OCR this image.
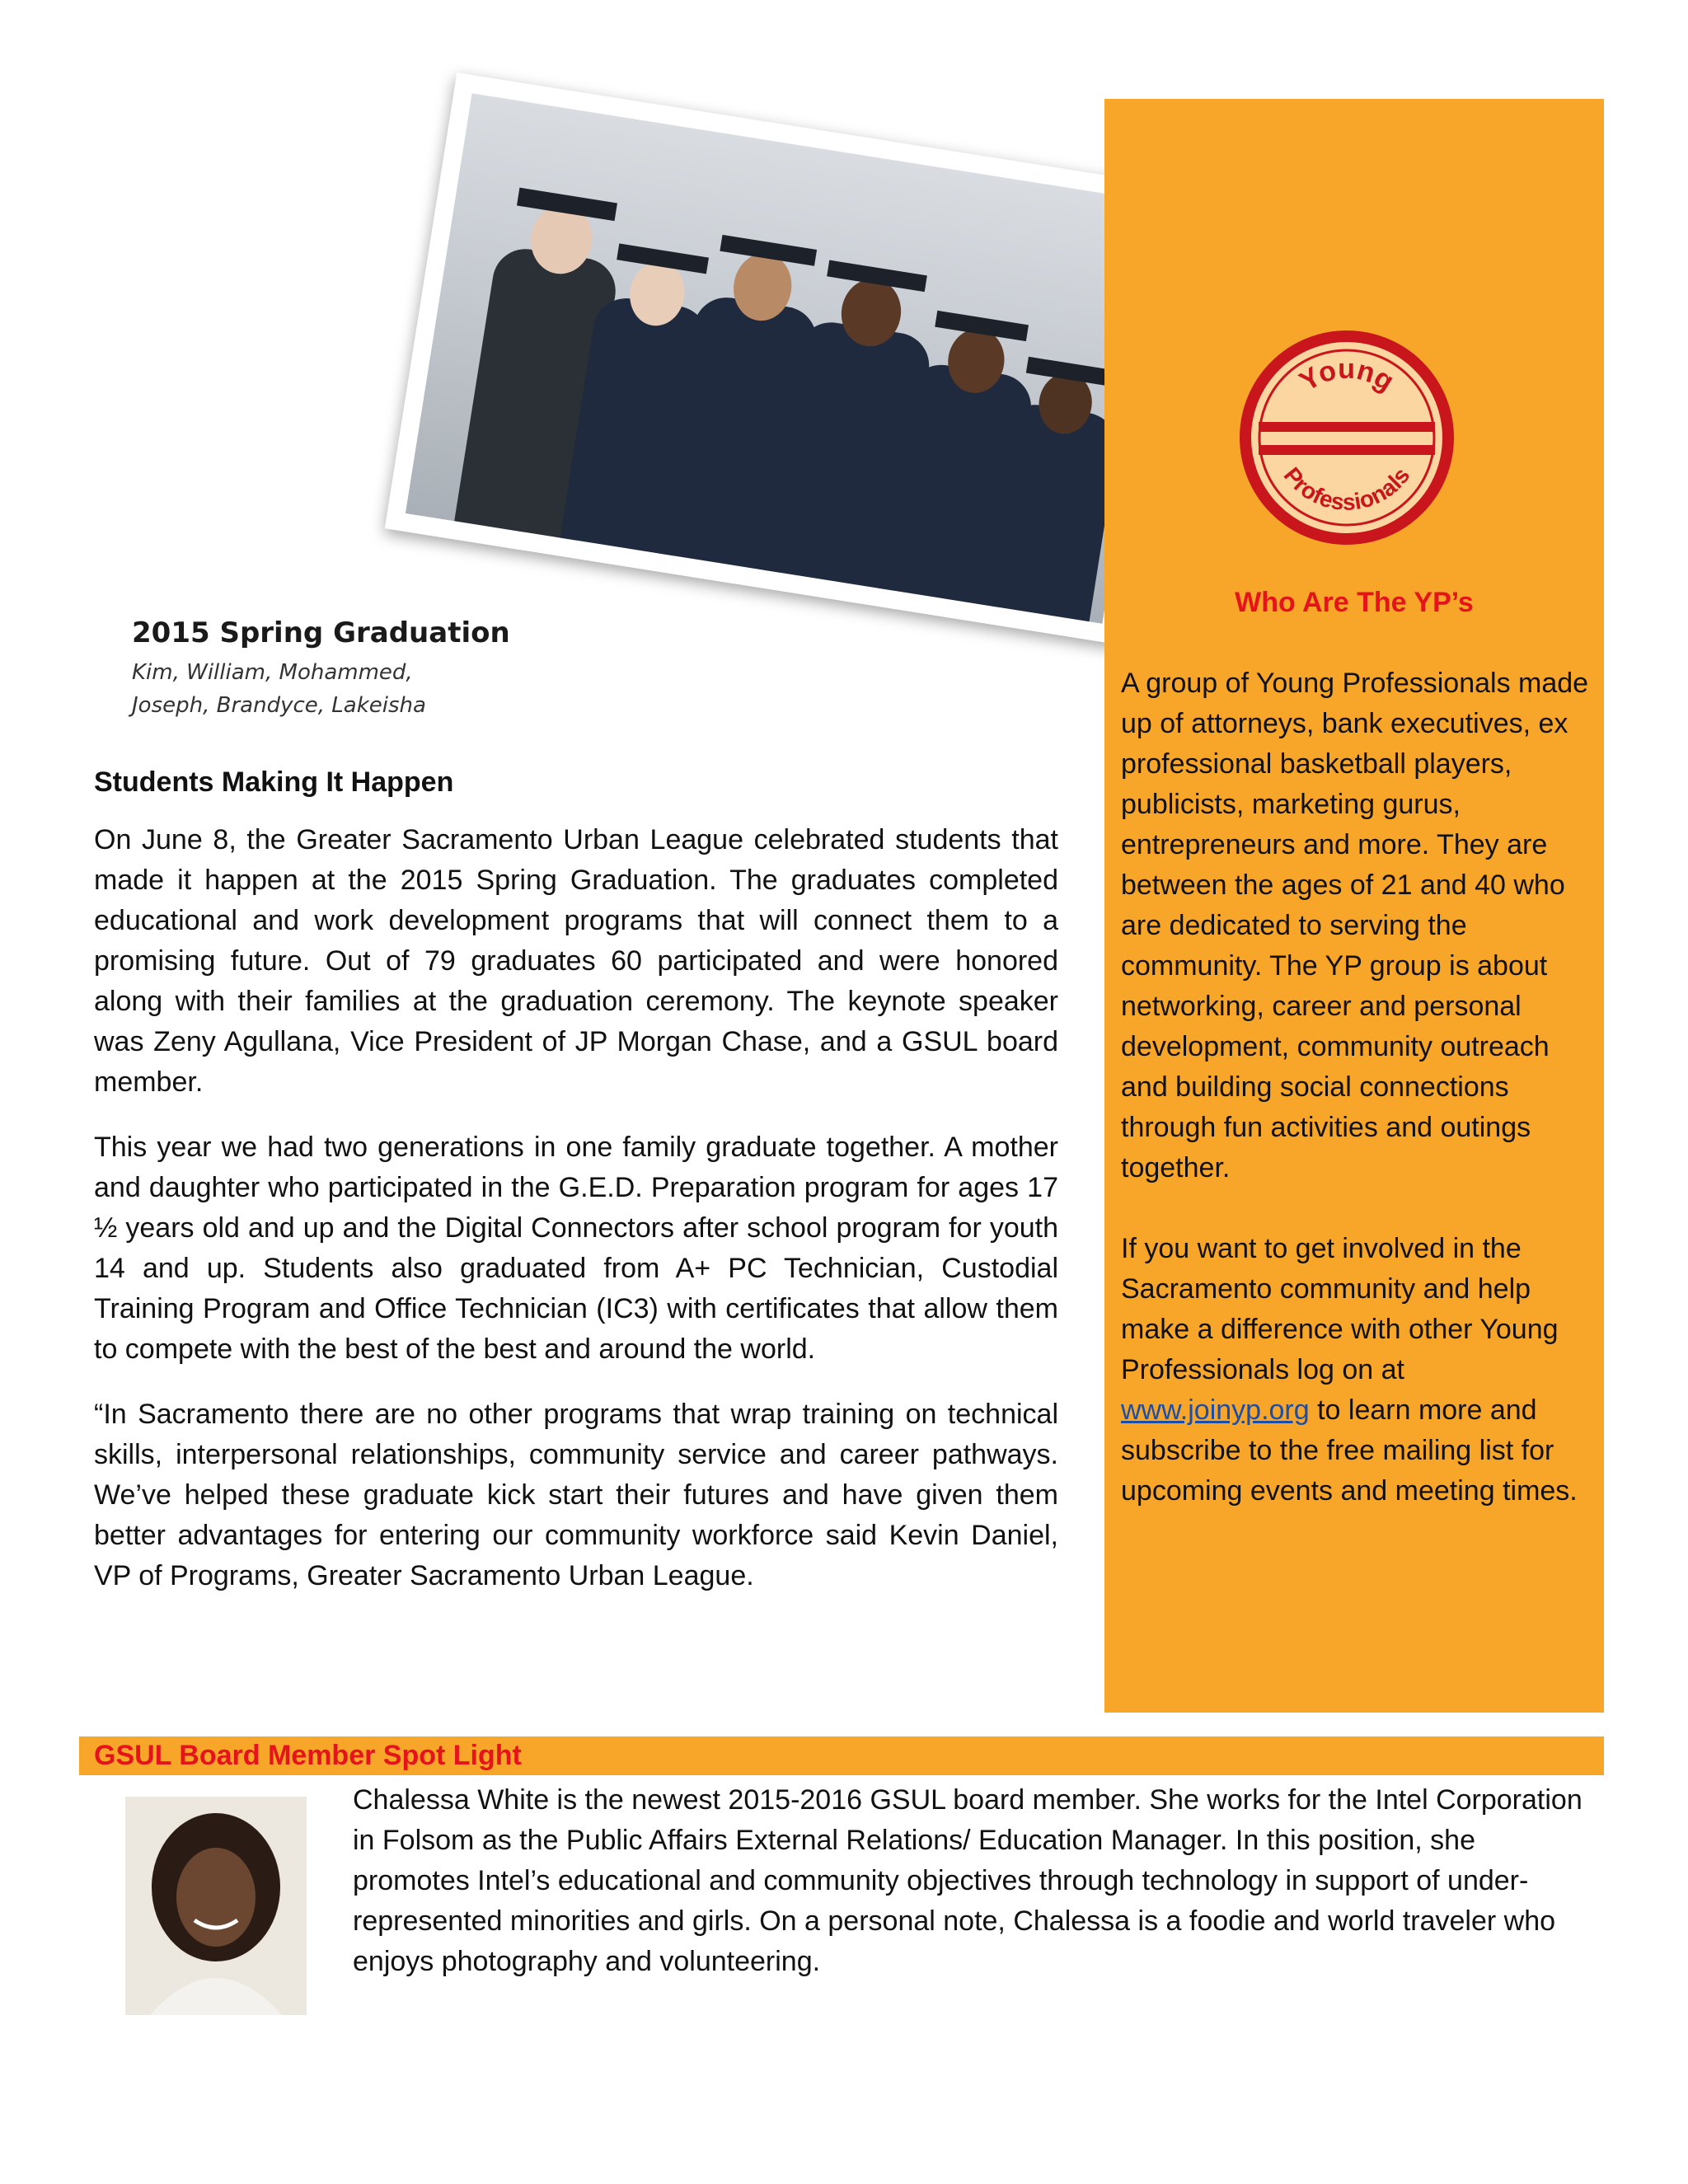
2015 Spring Graduation
Kim, William, Mohammed,
Joseph, Brandyce, Lakeisha
Students Making It Happen

On June 8, the Greater Sacramento Urban League celebrated students that made it happen at the 2015 Spring Graduation. The graduates completed educational and work development programs that will connect them to a promising future. Out of 79 graduates 60 participated and were honored along with their families at the graduation ceremony. The keynote speaker was Zeny Agullana, Vice President of JP Morgan Chase, and a GSUL board member.

This year we had two generations in one family graduate together. A mother and daughter who participated in the G.E.D. Preparation program for ages 17 ½ years old and up and the Digital Connectors after school program for youth 14 and up. Students also graduated from A+ PC Technician, Custodial Training Program and Office Technician (IC3) with certificates that allow them to compete with the best of the best and around the world.

“In Sacramento there are no other programs that wrap training on technical skills, interpersonal relationships, community service and career pathways. We’ve helped these graduate kick start their futures and have given them better advantages for entering our community workforce said Kevin Daniel, VP of Programs, Greater Sacramento Urban League.

Young
Professionals
Who Are The YP’s

A group of Young Professionals made up of attorneys, bank executives, ex professional basketball players, publicists, marketing gurus, entrepreneurs and more. They are between the ages of 21 and 40 who are dedicated to serving the community. The YP group is about networking, career and personal development, community outreach and building social connections through fun activities and outings together.

If you want to get involved in the Sacramento community and help make a difference with other Young Professionals log on at www.joinyp.org to learn more and subscribe to the free mailing list for upcoming events and meeting times.

GSUL Board Member Spot Light
Chalessa White is the newest 2015-2016 GSUL board member. She works for the Intel Corporation in Folsom as the Public Affairs External Relations/ Education Manager. In this position, she promotes Intel’s educational and community objectives through technology in support of under-represented minorities and girls. On a personal note, Chalessa is a foodie and world traveler who enjoys photography and volunteering.
